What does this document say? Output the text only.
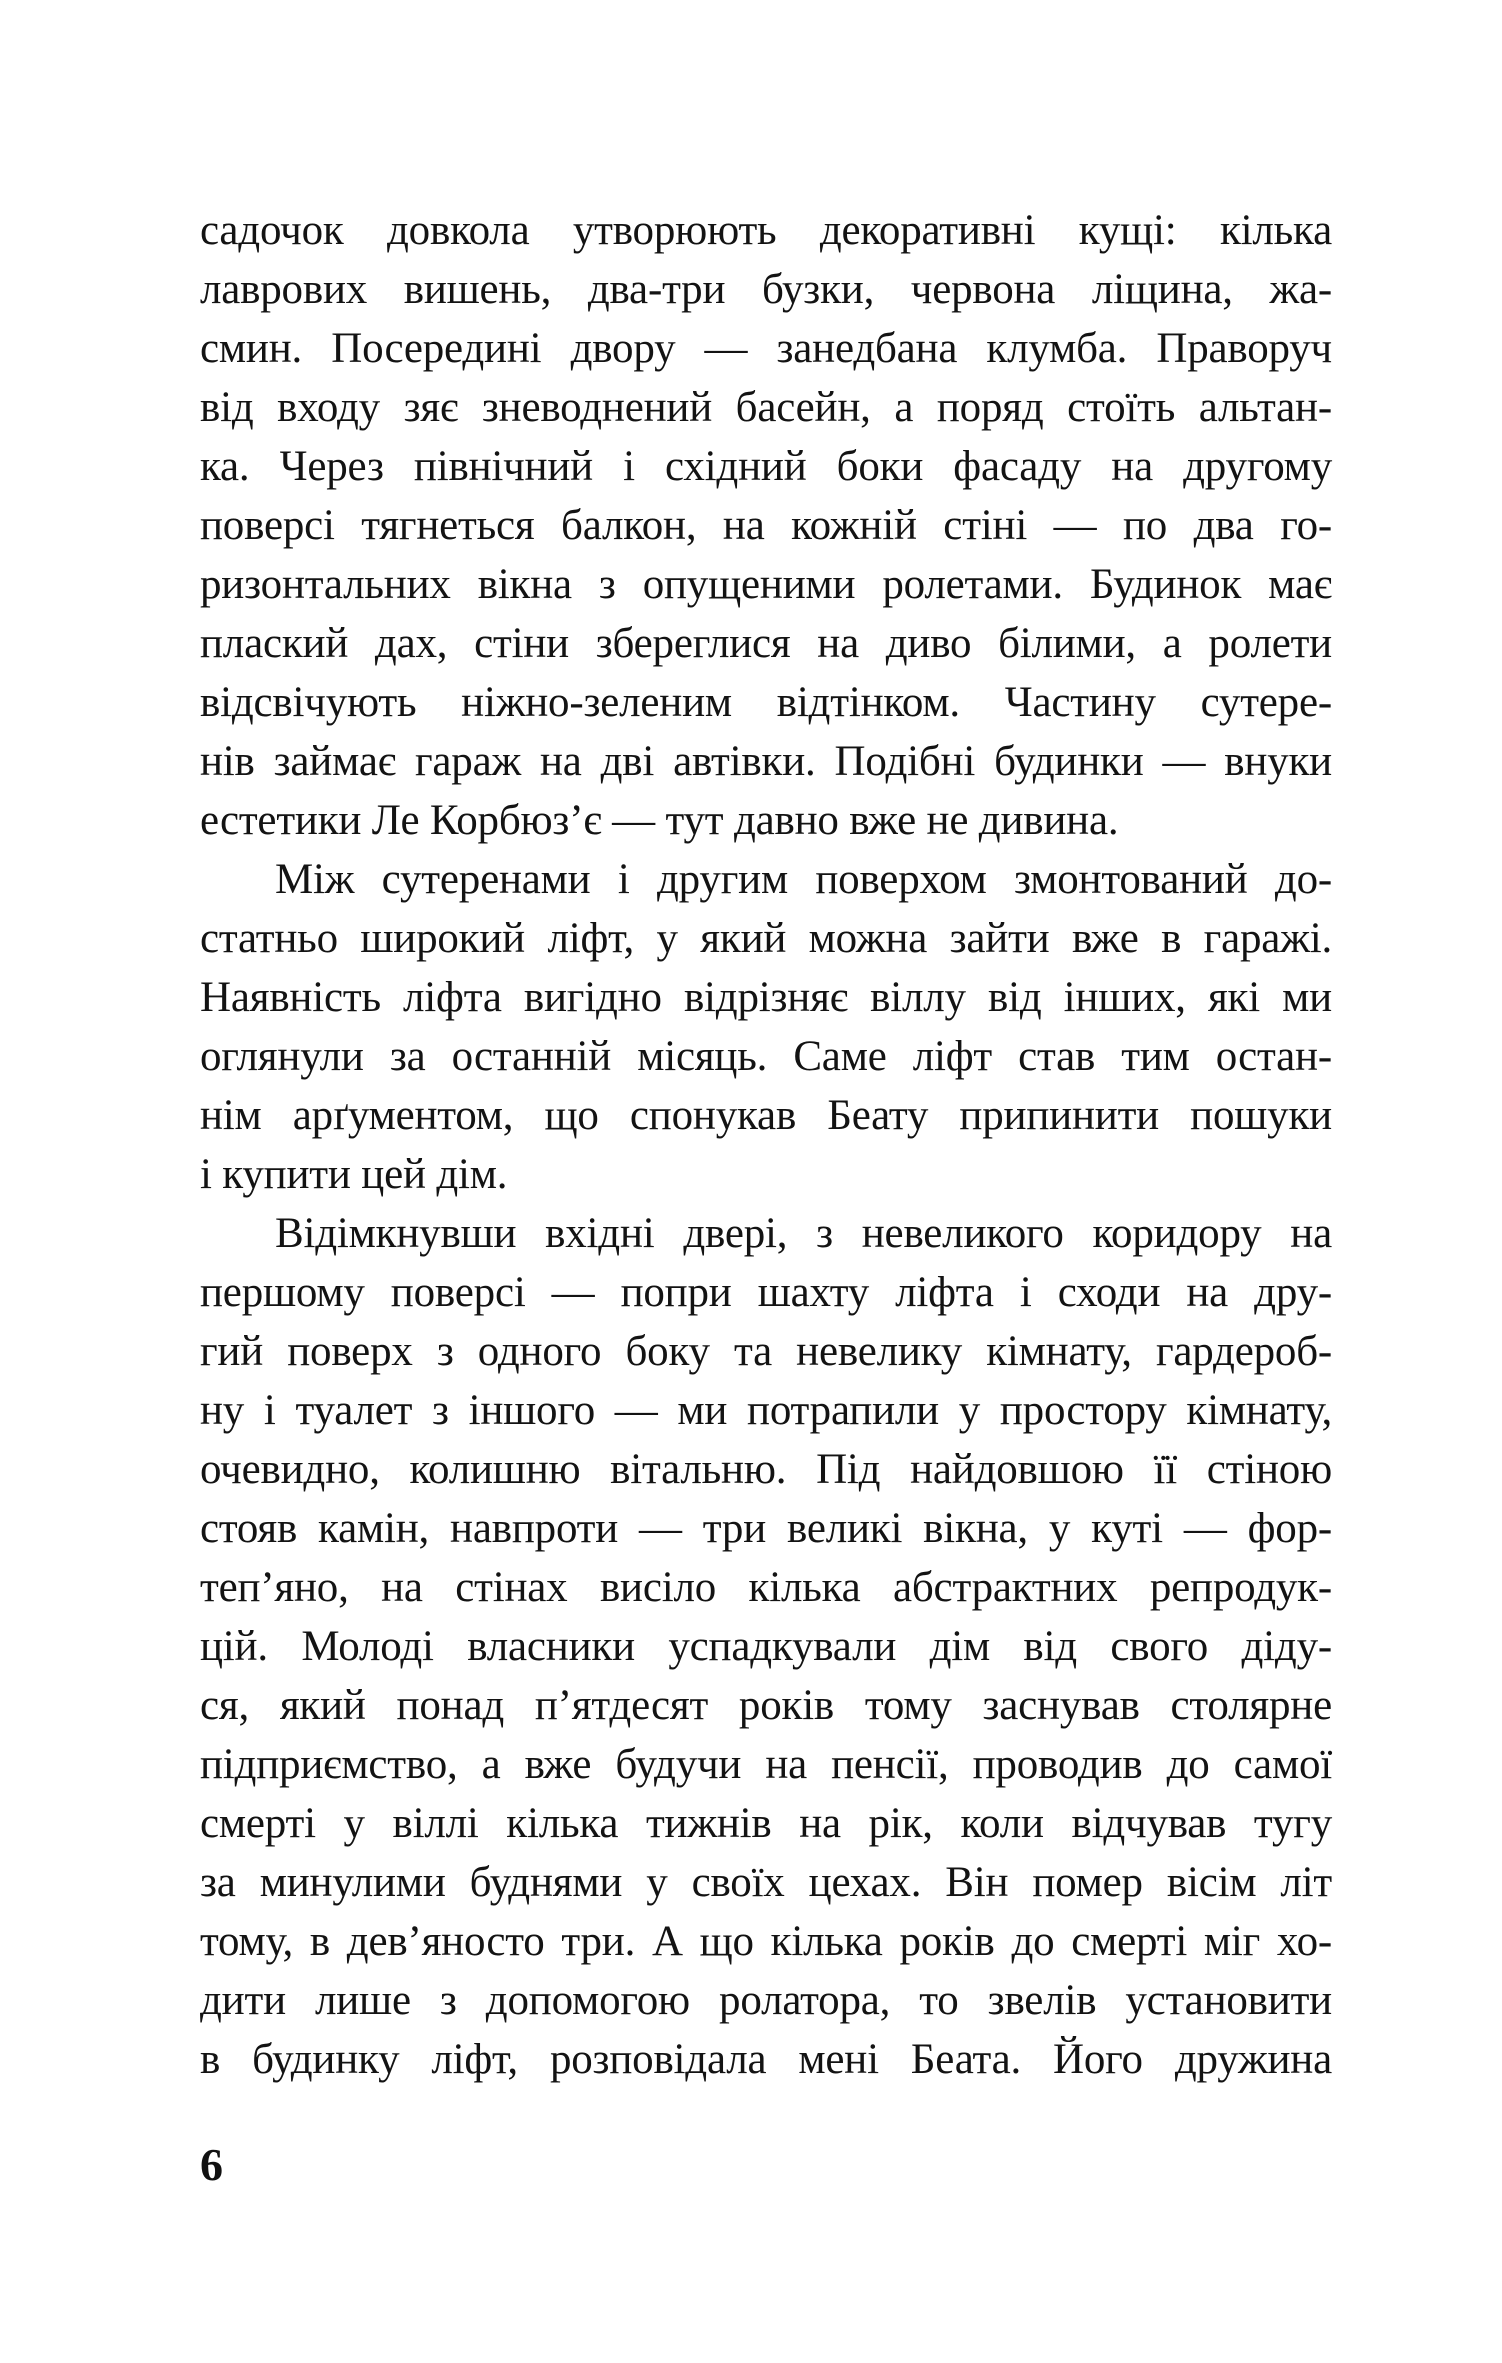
садочок довкола утворюють декоративні кущі: кілька
лаврових вишень, два-три бузки, червона ліщина, жа-
смин. Посередині двору — занедбана клумба. Праворуч
від входу зяє зневоднений басейн, а поряд стоїть альтан-
ка. Через північний і східний боки фасаду на другому
поверсі тягнеться балкон, на кожній стіні — по два го-
ризонтальних вікна з опущеними ролетами. Будинок має
плаский дах, стіни збереглися на диво білими, а ролети
відсвічують ніжно-зеленим відтінком. Частину сутере-
нів займає гараж на дві автівки. Подібні будинки — внуки
естетики Ле Корбюз’є — тут давно вже не дивина.
Між сутеренами і другим поверхом змонтований до-
статньо широкий ліфт, у який можна зайти вже в гаражі.
Наявність ліфта вигідно відрізняє віллу від інших, які ми
оглянули за останній місяць. Саме ліфт став тим остан-
нім арґументом, що спонукав Беату припинити пошуки
і купити цей дім.
Відімкнувши вхідні двері, з невеликого коридору на
першому поверсі — попри шахту ліфта і сходи на дру-
гий поверх з одного боку та невелику кімнату, гардероб-
ну і туалет з іншого — ми потрапили у простору кімнату,
очевидно, колишню вітальню. Під найдовшою її стіною
стояв камін, навпроти — три великі вікна, у куті — фор-
теп’яно, на стінах висіло кілька абстрактних репродук-
цій. Молоді власники успадкували дім від свого діду-
ся, який понад п’ятдесят років тому заснував столярне
підприємство, а вже будучи на пенсії, проводив до самої
смерті у віллі кілька тижнів на рік, коли відчував тугу
за минулими буднями у своїх цехах. Він помер вісім літ
тому, в дев’яносто три. А що кілька років до смерті міг хо-
дити лише з допомогою ролатора, то звелів установити
в будинку ліфт, розповідала мені Беата. Його дружина
6
